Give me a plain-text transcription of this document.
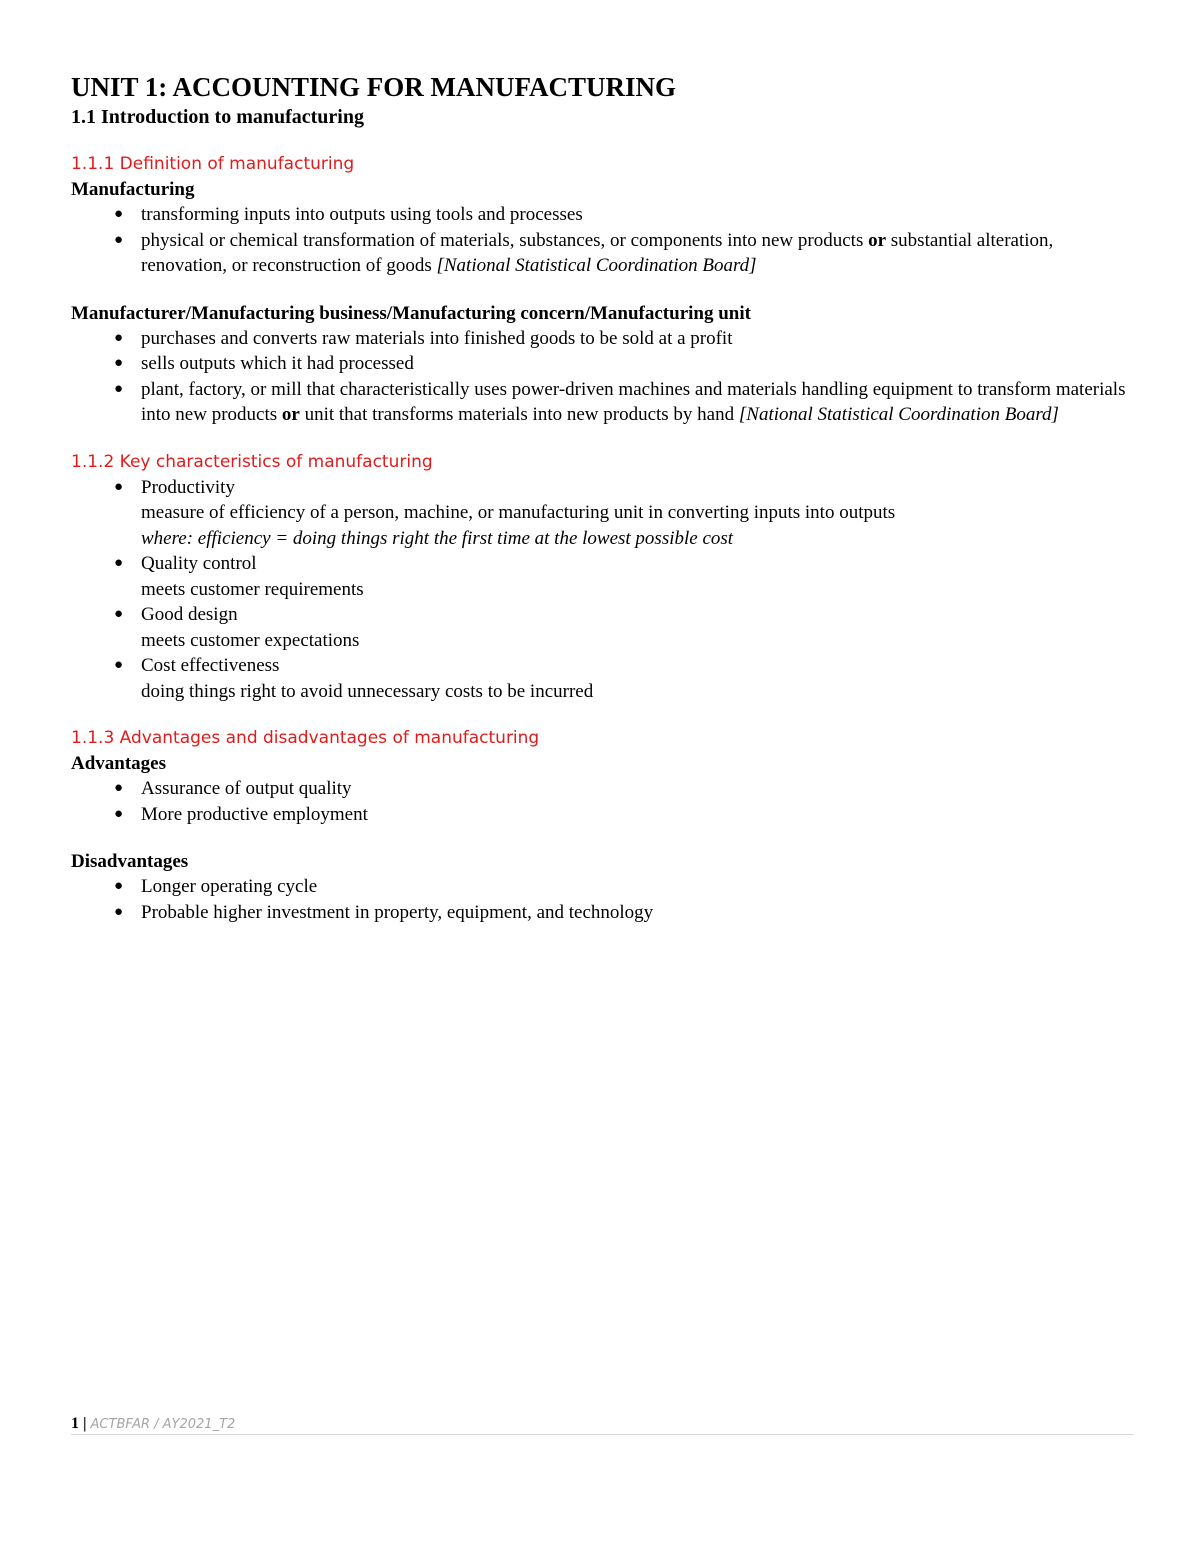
UNIT 1: ACCOUNTING FOR MANUFACTURING
1.1 Introduction to manufacturing

1.1.1 Definition of manufacturing

Manufacturing

● transforming inputs into outputs using tools and processes
● physical or chemical transformation of materials, substances, or components into new products or substantial alteration, renovation, or reconstruction of goods [National Statistical Coordination Board]

Manufacturer/Manufacturing business/Manufacturing concern/Manufacturing unit

● purchases and converts raw materials into finished goods to be sold at a profit
● sells outputs which it had processed
● plant, factory, or mill that characteristically uses power-driven machines and materials handling equipment to transform materials into new products or unit that transforms materials into new products by hand [National Statistical Coordination Board]

1.1.2 Key characteristics of manufacturing

● Productivity
measure of efficiency of a person, machine, or manufacturing unit in converting inputs into outputs
where: efficiency = doing things right the first time at the lowest possible cost
● Quality control
meets customer requirements
● Good design
meets customer expectations
● Cost effectiveness
doing things right to avoid unnecessary costs to be incurred

1.1.3 Advantages and disadvantages of manufacturing

Advantages

● Assurance of output quality
● More productive employment

Disadvantages

● Longer operating cycle
● Probable higher investment in property, equipment, and technology
1 | ACTBFAR / AY2021_T2
